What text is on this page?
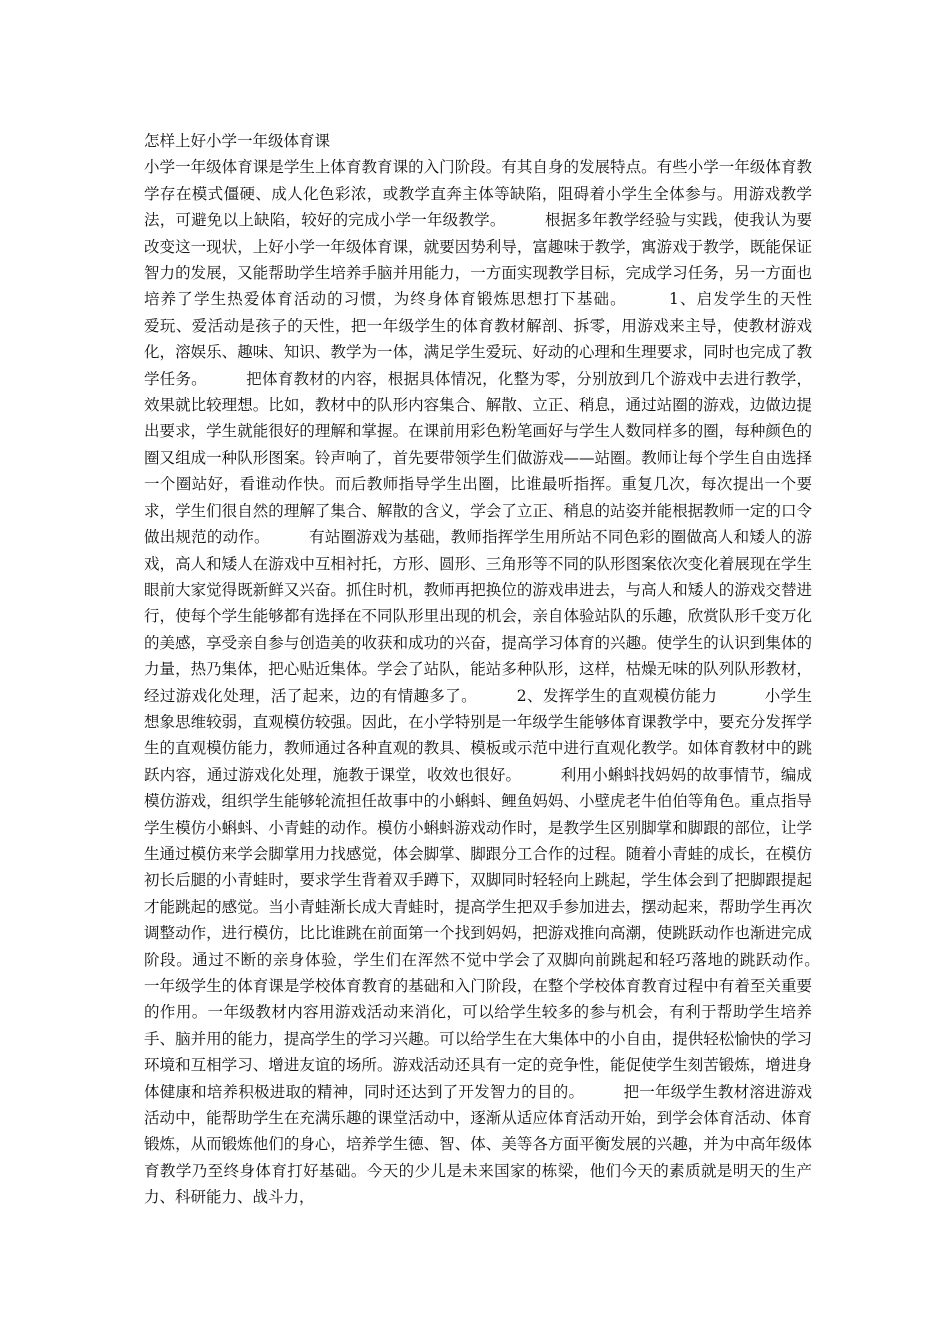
怎样上好小学一年级体育课

小学一年级体育课是学生上体育教育课的入门阶段。有其自身的发展特点。有些小学一年级体育教学存在模式僵硬、成人化色彩浓，或教学直奔主体等缺陷，阻碍着小学生全体参与。用游戏教学法，可避免以上缺陷，较好的完成小学一年级教学。　　　根据多年教学经验与实践，使我认为要改变这一现状，上好小学一年级体育课，就要因势利导，富趣味于教学，寓游戏于教学，既能保证智力的发展，又能帮助学生培养手脑并用能力，一方面实现教学目标，完成学习任务，另一方面也培养了学生热爱体育活动的习惯，为终身体育锻炼思想打下基础。　　　1、启发学生的天性　　　爱玩、爱活动是孩子的天性，把一年级学生的体育教材解剖、拆零，用游戏来主导，使教材游戏化，溶娱乐、趣味、知识、教学为一体，满足学生爱玩、好动的心理和生理要求，同时也完成了教学任务。　　　把体育教材的内容，根据具体情况，化整为零，分别放到几个游戏中去进行教学，效果就比较理想。比如，教材中的队形内容集合、解散、立正、稍息，通过站圈的游戏，边做边提出要求，学生就能很好的理解和掌握。在课前用彩色粉笔画好与学生人数同样多的圈，每种颜色的圈又组成一种队形图案。铃声响了，首先要带领学生们做游戏——站圈。教师让每个学生自由选择一个圈站好，看谁动作快。而后教师指导学生出圈，比谁最听指挥。重复几次，每次提出一个要求，学生们很自然的理解了集合、解散的含义，学会了立正、稍息的站姿并能根据教师一定的口令做出规范的动作。　　　有站圈游戏为基础，教师指挥学生用所站不同色彩的圈做高人和矮人的游戏，高人和矮人在游戏中互相衬托，方形、圆形、三角形等不同的队形图案依次变化着展现在学生眼前大家觉得既新鲜又兴奋。抓住时机，教师再把换位的游戏串进去，与高人和矮人的游戏交替进行，使每个学生能够都有选择在不同队形里出现的机会，亲自体验站队的乐趣，欣赏队形千变万化的美感，享受亲自参与创造美的收获和成功的兴奋，提高学习体育的兴趣。使学生的认识到集体的力量，热乃集体，把心贴近集体。学会了站队，能站多种队形，这样，枯燥无味的队列队形教材，经过游戏化处理，活了起来，边的有情趣多了。　　　2、发挥学生的直观模仿能力　　　小学生想象思维较弱，直观模仿较强。因此，在小学特别是一年级学生能够体育课教学中，要充分发挥学生的直观模仿能力，教师通过各种直观的教具、模板或示范中进行直观化教学。如体育教材中的跳跃内容，通过游戏化处理，施教于课堂，收效也很好。　　　利用小蝌蚪找妈妈的故事情节，编成模仿游戏，组织学生能够轮流担任故事中的小蝌蚪、鲤鱼妈妈、小壁虎老牛伯伯等角色。重点指导学生模仿小蝌蚪、小青蛙的动作。模仿小蝌蚪游戏动作时，是教学生区别脚掌和脚跟的部位，让学生通过模仿来学会脚掌用力找感觉，体会脚掌、脚跟分工合作的过程。随着小青蛙的成长，在模仿初长后腿的小青蛙时，要求学生背着双手蹲下，双脚同时轻轻向上跳起，学生体会到了把脚跟提起才能跳起的感觉。当小青蛙渐长成大青蛙时，提高学生把双手参加进去，摆动起来，帮助学生再次调整动作，进行模仿，比比谁跳在前面第一个找到妈妈，把游戏推向高潮，使跳跃动作也渐进完成阶段。通过不断的亲身体验，学生们在浑然不觉中学会了双脚向前跳起和轻巧落地的跳跃动作。　　　一年级学生的体育课是学校体育教育的基础和入门阶段，在整个学校体育教育过程中有着至关重要的作用。一年级教材内容用游戏活动来消化，可以给学生较多的参与机会，有利于帮助学生培养手、脑并用的能力，提高学生的学习兴趣。可以给学生在大集体中的小自由，提供轻松愉快的学习环境和互相学习、增进友谊的场所。游戏活动还具有一定的竞争性，能促使学生刻苦锻炼，增进身体健康和培养积极进取的精神，同时还达到了开发智力的目的。　　　把一年级学生教材溶进游戏活动中，能帮助学生在充满乐趣的课堂活动中，逐渐从适应体育活动开始，到学会体育活动、体育锻炼，从而锻炼他们的身心，培养学生德、智、体、美等各方面平衡发展的兴趣，并为中高年级体育教学乃至终身体育打好基础。今天的少儿是未来国家的栋梁，他们今天的素质就是明天的生产力、科研能力、战斗力，
